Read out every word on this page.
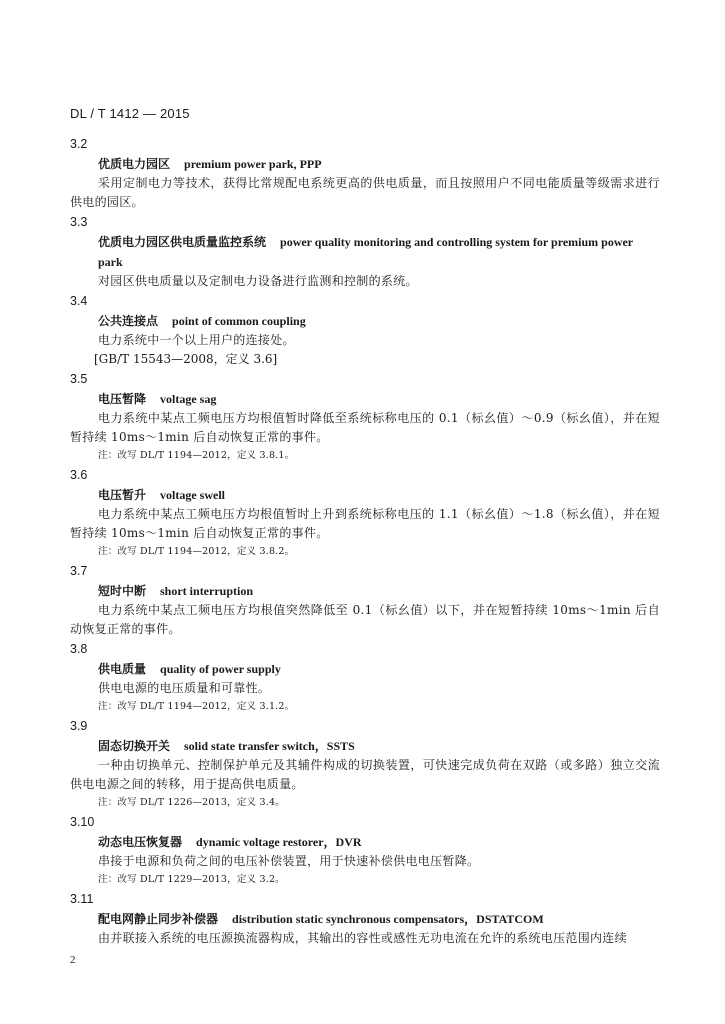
DL / T 1412 — 2015
3.2
优质电力园区 premium power park, PPP
采用定制电力等技术，获得比常规配电系统更高的供电质量，而且按照用户不同电能质量等级需求进行供电的园区。
3.3
优质电力园区供电质量监控系统 power quality monitoring and controlling system for premium power park
对园区供电质量以及定制电力设备进行监测和控制的系统。
3.4
公共连接点 point of common coupling
电力系统中一个以上用户的连接处。
[GB/T 15543—2008，定义 3.6]
3.5
电压暂降 voltage sag
电力系统中某点工频电压方均根值暂时降低至系统标称电压的 0.1（标幺值）～0.9（标幺值），并在短暂持续 10ms～1min 后自动恢复正常的事件。
注：改写 DL/T 1194—2012，定义 3.8.1。
3.6
电压暂升 voltage swell
电力系统中某点工频电压方均根值暂时上升到系统标称电压的 1.1（标幺值）～1.8（标幺值），并在短暂持续 10ms～1min 后自动恢复正常的事件。
注：改写 DL/T 1194—2012，定义 3.8.2。
3.7
短时中断 short interruption
电力系统中某点工频电压方均根值突然降低至 0.1（标幺值）以下，并在短暂持续 10ms～1min 后自动恢复正常的事件。
3.8
供电质量 quality of power supply
供电电源的电压质量和可靠性。
注：改写 DL/T 1194—2012，定义 3.1.2。
3.9
固态切换开关 solid state transfer switch，SSTS
一种由切换单元、控制保护单元及其辅件构成的切换装置，可快速完成负荷在双路（或多路）独立交流供电电源之间的转移，用于提高供电质量。
注：改写 DL/T 1226—2013，定义 3.4。
3.10
动态电压恢复器 dynamic voltage restorer，DVR
串接于电源和负荷之间的电压补偿装置，用于快速补偿供电电压暂降。
注：改写 DL/T 1229—2013，定义 3.2。
3.11
配电网静止同步补偿器 distribution static synchronous compensators，DSTATCOM
由并联接入系统的电压源换流器构成，其输出的容性或感性无功电流在允许的系统电压范围内连续
2
